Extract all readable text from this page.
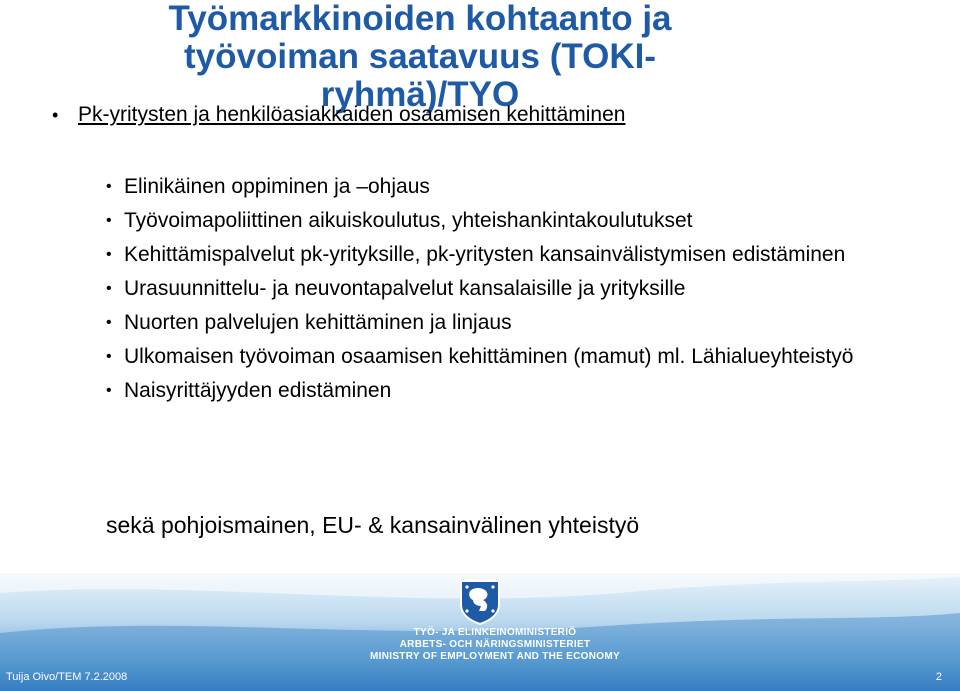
Työmarkkinoiden kohtaanto ja
työvoiman saatavuus (TOKI-
ryhmä)/TYO
• Pk-yritysten ja henkilöasiakkaiden osaamisen kehittäminen
• Elinikäinen oppiminen ja –ohjaus
• Työvoimapoliittinen aikuiskoulutus, yhteishankintakoulutukset
• Kehittämispalvelut pk-yrityksille, pk-yritysten kansainvälistymisen edistäminen
• Urasuunnittelu- ja neuvontapalvelut kansalaisille ja yrityksille
• Nuorten palvelujen kehittäminen ja linjaus
• Ulkomaisen työvoiman osaamisen kehittäminen (mamut) ml. Lähialueyhteistyö
• Naisyrittäjyyden edistäminen
sekä pohjoismainen, EU- & kansainvälinen yhteistyö
TYÖ- JA ELINKEINOMINISTERIÖ
ARBETS- OCH NÄRINGSMINISTERIET
MINISTRY OF EMPLOYMENT AND THE ECONOMY
Tuija Oivo/TEM 7.2.2008	2
